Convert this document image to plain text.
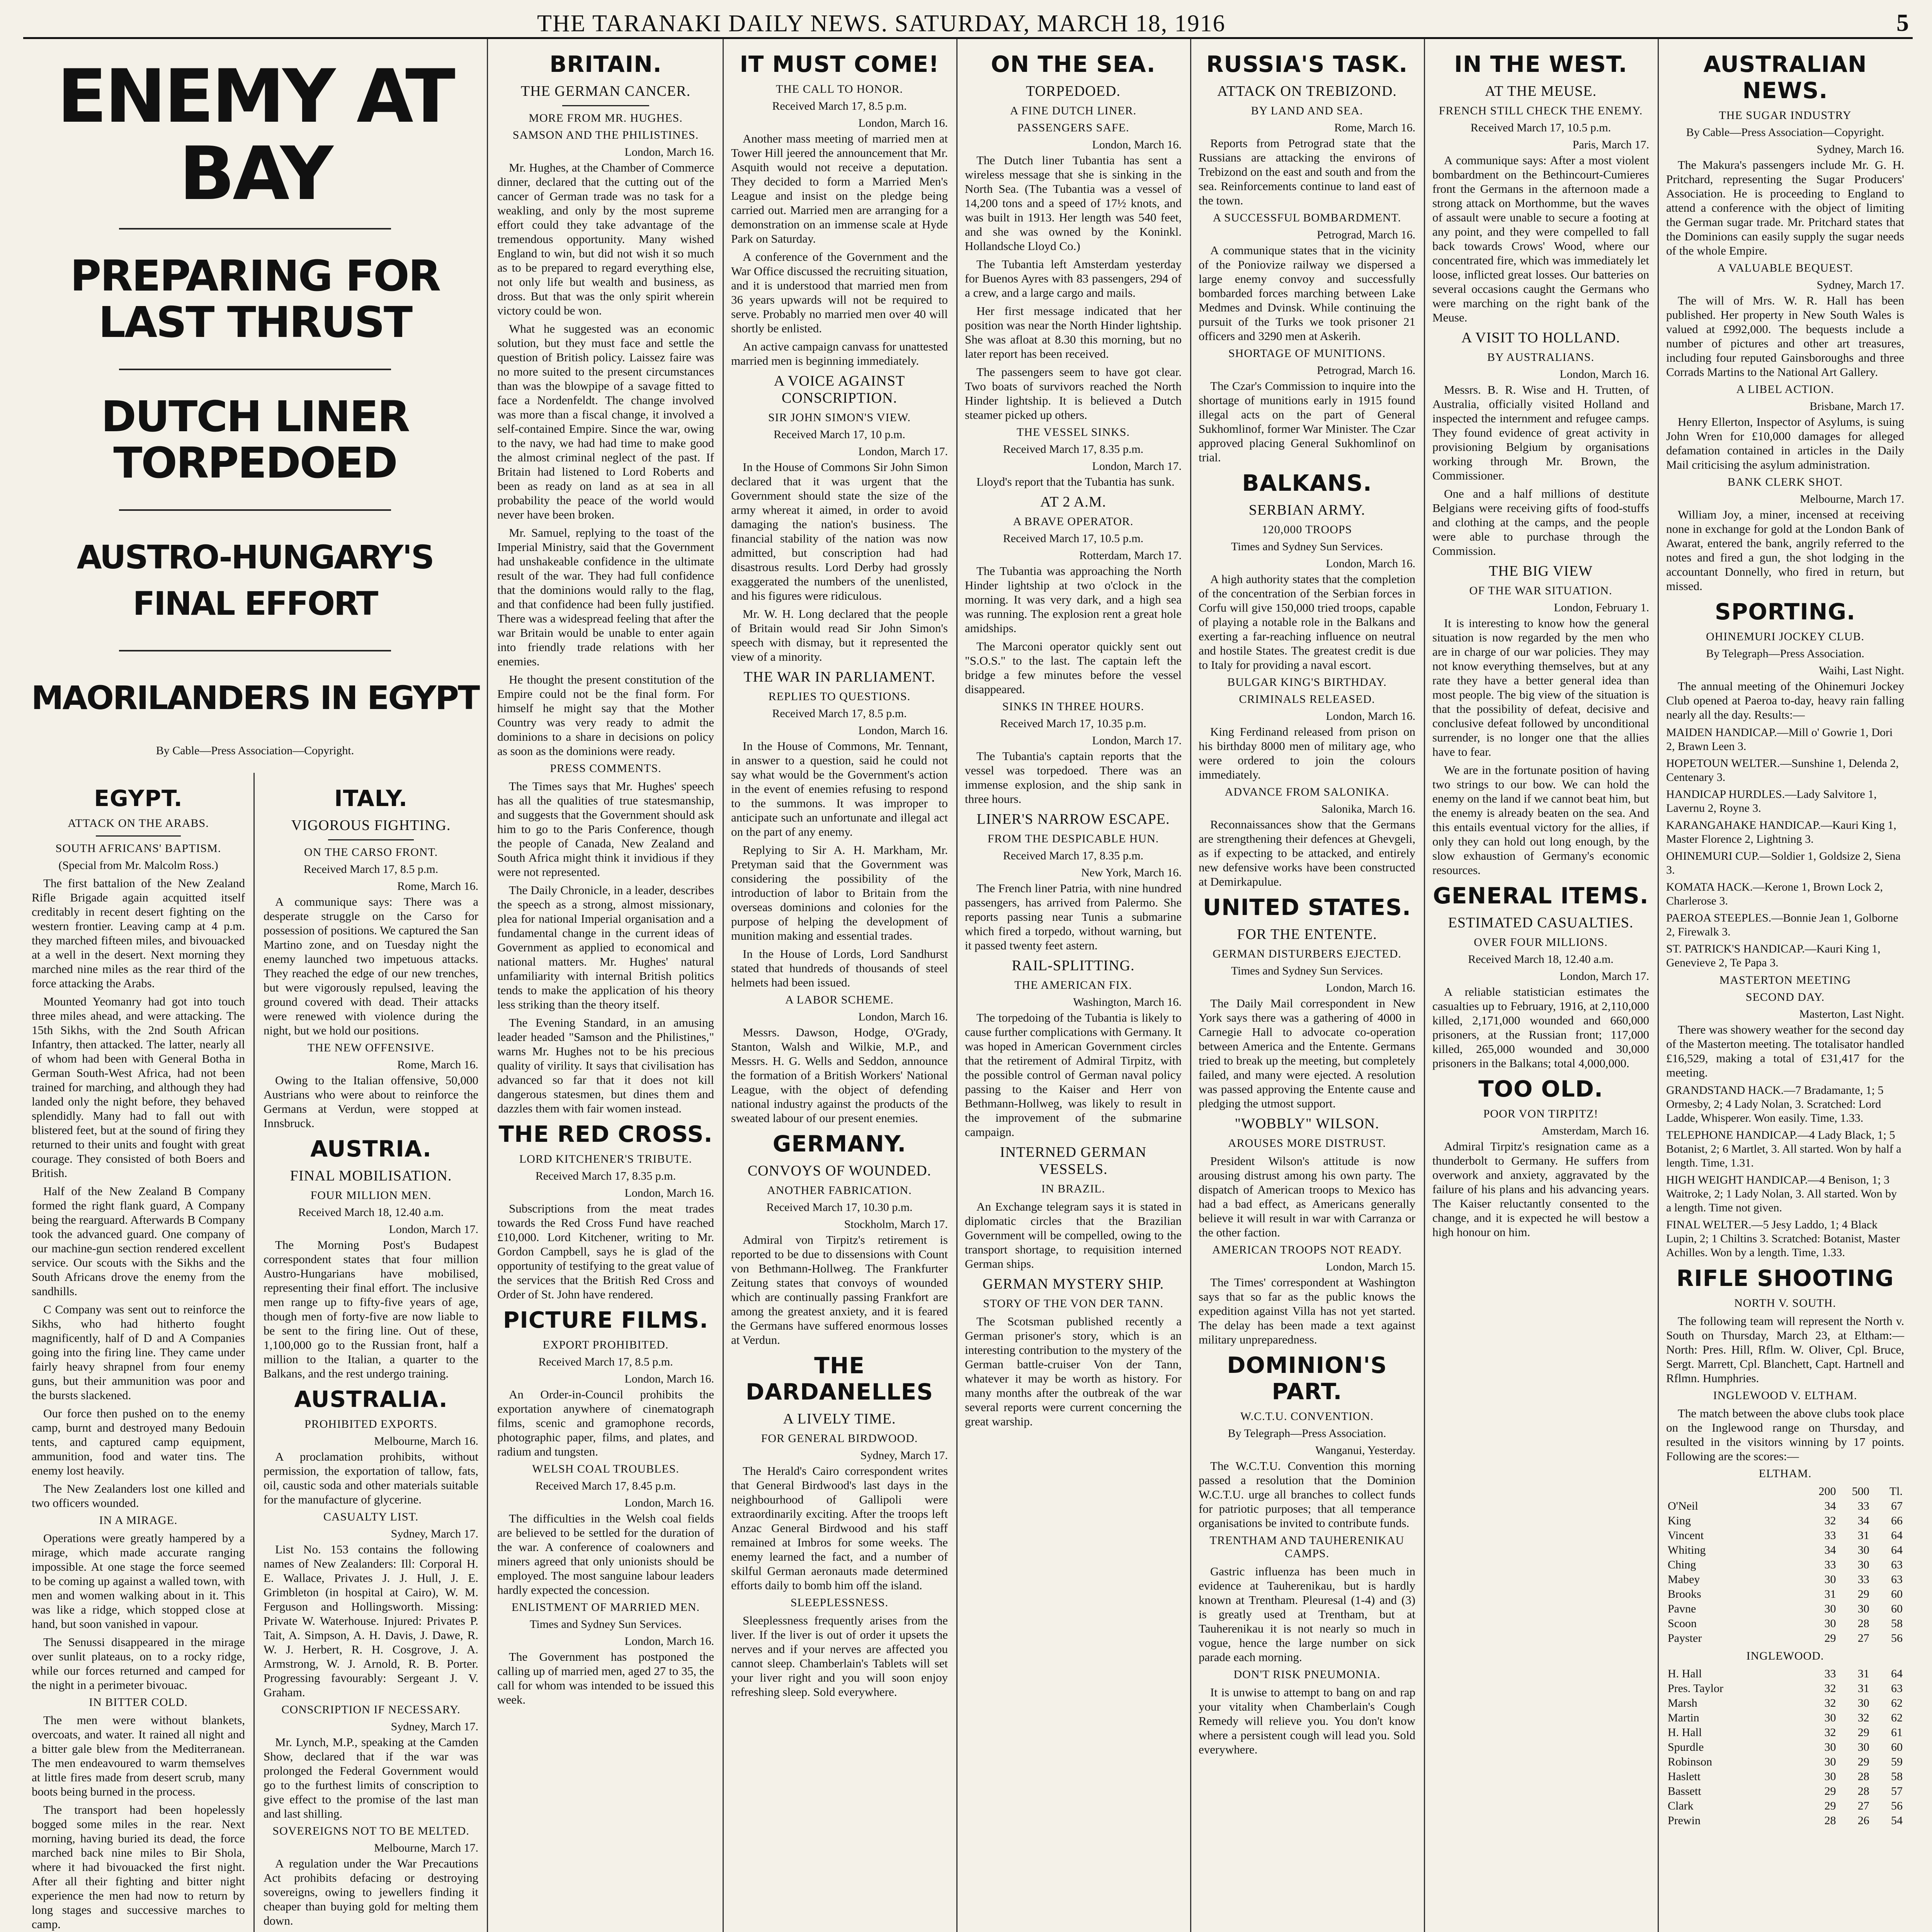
THE TARANAKI DAILY NEWS. SATURDAY, MARCH 18, 1916	5
ENEMY AT BAY
PREPARING FOR LAST THRUST
DUTCH LINER TORPEDOED
AUSTRO-HUNGARY'S FINAL EFFORT
MAORILANDERS IN EGYPT
By Cable—Press Association—Copyright.
EGYPT.
ATTACK ON THE ARABS.
SOUTH AFRICANS' BAPTISM.
(Special from Mr. Malcolm Ross.)

The first battalion of the New Zealand Rifle Brigade again acquitted itself creditably in recent desert fighting on the western frontier. Leaving camp at 4 p.m. they marched fifteen miles, and bivouacked at a well in the desert. Next morning they marched nine miles as the rear third of the force attacking the Arabs.

Mounted Yeomanry had got into touch three miles ahead, and were attacking. The 15th Sikhs, with the 2nd South African Infantry, then attacked. The latter, nearly all of whom had been with General Botha in German South-West Africa, had not been trained for marching, and although they had landed only the night before, they behaved splendidly. Many had to fall out with blistered feet, but at the sound of firing they returned to their units and fought with great courage. They consisted of both Boers and British.

Half of the New Zealand B Company formed the right flank guard, A Company being the rearguard. Afterwards B Company took the advanced guard. One company of our machine-gun section rendered excellent service. Our scouts with the Sikhs and the South Africans drove the enemy from the sandhills.

C Company was sent out to reinforce the Sikhs, who had hitherto fought magnificently, half of D and A Companies going into the firing line. They came under fairly heavy shrapnel from four enemy guns, but their ammunition was poor and the bursts slackened.

Our force then pushed on to the enemy camp, burnt and destroyed many Bedouin tents, and captured camp equipment, ammunition, food and water tins. The enemy lost heavily.

The New Zealanders lost one killed and two officers wounded.

IN A MIRAGE.

Operations were greatly hampered by a mirage, which made accurate ranging impossible. At one stage the force seemed to be coming up against a walled town, with men and women walking about in it. This was like a ridge, which stopped close at hand, but soon vanished in vapour.

The Senussi disappeared in the mirage over sunlit plateaus, on to a rocky ridge, while our forces returned and camped for the night in a perimeter bivouac.

IN BITTER COLD.

The men were without blankets, overcoats, and water. It rained all night and a bitter gale blew from the Mediterranean. The men endeavoured to warm themselves at little fires made from desert scrub, many boots being burned in the process.

The transport had been hopelessly bogged some miles in the rear. Next morning, having buried its dead, the force marched back nine miles to Bir Shola, where it had bivouacked the first night. After all their fighting and bitter night experience the men had now to return by long stages and successive marches to camp.

ITALY.
VIGOROUS FIGHTING.
ON THE CARSO FRONT.
Received March 17, 8.5 p.m.
Rome, March 16.

A communique says: There was a desperate struggle on the Carso for possession of positions. We captured the San Martino zone, and on Tuesday night the enemy launched two impetuous attacks. They reached the edge of our new trenches, but were vigorously repulsed, leaving the ground covered with dead. Their attacks were renewed with violence during the night, but we hold our positions.

THE NEW OFFENSIVE.
Rome, March 16.

Owing to the Italian offensive, 50,000 Austrians who were about to reinforce the Germans at Verdun, were stopped at Innsbruck.

AUSTRIA.
FINAL MOBILISATION.
FOUR MILLION MEN.
Received March 18, 12.40 a.m.
London, March 17.

The Morning Post's Budapest correspondent states that four million Austro-Hungarians have mobilised, representing their final effort. The inclusive men range up to fifty-five years of age, though men of forty-five are now liable to be sent to the firing line. Out of these, 1,100,000 go to the Russian front, half a million to the Italian, a quarter to the Balkans, and the rest undergo training.

AUSTRALIA.
PROHIBITED EXPORTS.
Melbourne, March 16.

A proclamation prohibits, without permission, the exportation of tallow, fats, oil, caustic soda and other materials suitable for the manufacture of glycerine.

CASUALTY LIST.
Sydney, March 17.

List No. 153 contains the following names of New Zealanders: Ill: Corporal H. E. Wallace, Privates J. J. Hull, J. E. Grimbleton (in hospital at Cairo), W. M. Ferguson and Hollingsworth. Missing: Private W. Waterhouse. Injured: Privates P. Tait, A. Simpson, A. H. Davis, J. Dawe, R. W. J. Herbert, R. H. Cosgrove, J. A. Armstrong, W. J. Arnold, R. B. Porter. Progressing favourably: Sergeant J. V. Graham.

CONSCRIPTION IF NECESSARY.
Sydney, March 17.

Mr. Lynch, M.P., speaking at the Camden Show, declared that if the war was prolonged the Federal Government would go to the furthest limits of conscription to give effect to the promise of the last man and last shilling.

SOVEREIGNS NOT TO BE MELTED.
Melbourne, March 17.

A regulation under the War Precautions Act prohibits defacing or destroying sovereigns, owing to jewellers finding it cheaper than buying gold for melting them down.

BRITAIN.
THE GERMAN CANCER.
MORE FROM MR. HUGHES.
SAMSON AND THE PHILISTINES.
London, March 16.

Mr. Hughes, at the Chamber of Commerce dinner, declared that the cutting out of the cancer of German trade was no task for a weakling, and only by the most supreme effort could they take advantage of the tremendous opportunity. Many wished England to win, but did not wish it so much as to be prepared to regard everything else, not only life but wealth and business, as dross. But that was the only spirit wherein victory could be won.

What he suggested was an economic solution, but they must face and settle the question of British policy. Laissez faire was no more suited to the present circumstances than was the blowpipe of a savage fitted to face a Nordenfeldt. The change involved was more than a fiscal change, it involved a self-contained Empire. Since the war, owing to the navy, we had had time to make good the almost criminal neglect of the past. If Britain had listened to Lord Roberts and been as ready on land as at sea in all probability the peace of the world would never have been broken.

Mr. Samuel, replying to the toast of the Imperial Ministry, said that the Government had unshakeable confidence in the ultimate result of the war. They had full confidence that the dominions would rally to the flag, and that confidence had been fully justified. There was a widespread feeling that after the war Britain would be unable to enter again into friendly trade relations with her enemies.

He thought the present constitution of the Empire could not be the final form. For himself he might say that the Mother Country was very ready to admit the dominions to a share in decisions on policy as soon as the dominions were ready.

PRESS COMMENTS.

The Times says that Mr. Hughes' speech has all the qualities of true statesmanship, and suggests that the Government should ask him to go to the Paris Conference, though the people of Canada, New Zealand and South Africa might think it invidious if they were not represented.

The Daily Chronicle, in a leader, describes the speech as a strong, almost missionary, plea for national Imperial organisation and a fundamental change in the current ideas of Government as applied to economical and national matters. Mr. Hughes' natural unfamiliarity with internal British politics tends to make the application of his theory less striking than the theory itself.

The Evening Standard, in an amusing leader headed "Samson and the Philistines," warns Mr. Hughes not to be his precious quality of virility. It says that civilisation has advanced so far that it does not kill dangerous statesmen, but dines them and dazzles them with fair women instead.

THE RED CROSS.
LORD KITCHENER'S TRIBUTE.
Received March 17, 8.35 p.m.
London, March 16.

Subscriptions from the meat trades towards the Red Cross Fund have reached £10,000. Lord Kitchener, writing to Mr. Gordon Campbell, says he is glad of the opportunity of testifying to the great value of the services that the British Red Cross and Order of St. John have rendered.

PICTURE FILMS.
EXPORT PROHIBITED.
Received March 17, 8.5 p.m.
London, March 16.

An Order-in-Council prohibits the exportation anywhere of cinematograph films, scenic and gramophone records, photographic paper, films, and plates, and radium and tungsten.

WELSH COAL TROUBLES.
Received March 17, 8.45 p.m.
London, March 16.

The difficulties in the Welsh coal fields are believed to be settled for the duration of the war. A conference of coalowners and miners agreed that only unionists should be employed. The most sanguine labour leaders hardly expected the concession.

ENLISTMENT OF MARRIED MEN.
Times and Sydney Sun Services.
London, March 16.

The Government has postponed the calling up of married men, aged 27 to 35, the call for whom was intended to be issued this week.

IT MUST COME!
THE CALL TO HONOR.
Received March 17, 8.5 p.m.
London, March 16.

Another mass meeting of married men at Tower Hill jeered the announcement that Mr. Asquith would not receive a deputation. They decided to form a Married Men's League and insist on the pledge being carried out. Married men are arranging for a demonstration on an immense scale at Hyde Park on Saturday.

A conference of the Government and the War Office discussed the recruiting situation, and it is understood that married men from 36 years upwards will not be required to serve. Probably no married men over 40 will shortly be enlisted.

An active campaign canvass for unattested married men is beginning immediately.

A VOICE AGAINST CONSCRIPTION.
SIR JOHN SIMON'S VIEW.
Received March 17, 10 p.m.
London, March 17.

In the House of Commons Sir John Simon declared that it was urgent that the Government should state the size of the army whereat it aimed, in order to avoid damaging the nation's business. The financial stability of the nation was now admitted, but conscription had had disastrous results. Lord Derby had grossly exaggerated the numbers of the unenlisted, and his figures were ridiculous.

Mr. W. H. Long declared that the people of Britain would read Sir John Simon's speech with dismay, but it represented the view of a minority.

THE WAR IN PARLIAMENT.
REPLIES TO QUESTIONS.
Received March 17, 8.5 p.m.
London, March 16.

In the House of Commons, Mr. Tennant, in answer to a question, said he could not say what would be the Government's action in the event of enemies refusing to respond to the summons. It was improper to anticipate such an unfortunate and illegal act on the part of any enemy.

Replying to Sir A. H. Markham, Mr. Pretyman said that the Government was considering the possibility of the introduction of labor to Britain from the overseas dominions and colonies for the purpose of helping the development of munition making and essential trades.

In the House of Lords, Lord Sandhurst stated that hundreds of thousands of steel helmets had been issued.

A LABOR SCHEME.
London, March 16.

Messrs. Dawson, Hodge, O'Grady, Stanton, Walsh and Wilkie, M.P., and Messrs. H. G. Wells and Seddon, announce the formation of a British Workers' National League, with the object of defending national industry against the products of the sweated labour of our present enemies.

GERMANY.
CONVOYS OF WOUNDED.
ANOTHER FABRICATION.
Received March 17, 10.30 p.m.
Stockholm, March 17.

Admiral von Tirpitz's retirement is reported to be due to dissensions with Count von Bethmann-Hollweg. The Frankfurter Zeitung states that convoys of wounded which are continually passing Frankfort are among the greatest anxiety, and it is feared the Germans have suffered enormous losses at Verdun.

THE DARDANELLES
A LIVELY TIME.
FOR GENERAL BIRDWOOD.
Sydney, March 17.

The Herald's Cairo correspondent writes that General Birdwood's last days in the neighbourhood of Gallipoli were extraordinarily exciting. After the troops left Anzac General Birdwood and his staff remained at Imbros for some weeks. The enemy learned the fact, and a number of skilful German aeronauts made determined efforts daily to bomb him off the island.

SLEEPLESSNESS.

Sleeplessness frequently arises from the liver. If the liver is out of order it upsets the nerves and if your nerves are affected you cannot sleep. Chamberlain's Tablets will set your liver right and you will soon enjoy refreshing sleep. Sold everywhere.

ON THE SEA.
TORPEDOED.
A FINE DUTCH LINER.
PASSENGERS SAFE.
London, March 16.

The Dutch liner Tubantia has sent a wireless message that she is sinking in the North Sea. (The Tubantia was a vessel of 14,200 tons and a speed of 17½ knots, and was built in 1913. Her length was 540 feet, and she was owned by the Koninkl. Hollandsche Lloyd Co.)

The Tubantia left Amsterdam yesterday for Buenos Ayres with 83 passengers, 294 of a crew, and a large cargo and mails.

Her first message indicated that her position was near the North Hinder lightship. She was afloat at 8.30 this morning, but no later report has been received.

The passengers seem to have got clear. Two boats of survivors reached the North Hinder lightship. It is believed a Dutch steamer picked up others.

THE VESSEL SINKS.
Received March 17, 8.35 p.m.
London, March 17.

Lloyd's report that the Tubantia has sunk.

AT 2 A.M.
A BRAVE OPERATOR.
Received March 17, 10.5 p.m.
Rotterdam, March 17.

The Tubantia was approaching the North Hinder lightship at two o'clock in the morning. It was very dark, and a high sea was running. The explosion rent a great hole amidships.

The Marconi operator quickly sent out "S.O.S." to the last. The captain left the bridge a few minutes before the vessel disappeared.

SINKS IN THREE HOURS.
Received March 17, 10.35 p.m.
London, March 17.

The Tubantia's captain reports that the vessel was torpedoed. There was an immense explosion, and the ship sank in three hours.

LINER'S NARROW ESCAPE.
FROM THE DESPICABLE HUN.
Received March 17, 8.35 p.m.
New York, March 16.

The French liner Patria, with nine hundred passengers, has arrived from Palermo. She reports passing near Tunis a submarine which fired a torpedo, without warning, but it passed twenty feet astern.

RAIL-SPLITTING.
THE AMERICAN FIX.
Washington, March 16.

The torpedoing of the Tubantia is likely to cause further complications with Germany. It was hoped in American Government circles that the retirement of Admiral Tirpitz, with the possible control of German naval policy passing to the Kaiser and Herr von Bethmann-Hollweg, was likely to result in the improvement of the submarine campaign.

INTERNED GERMAN VESSELS.
IN BRAZIL.

An Exchange telegram says it is stated in diplomatic circles that the Brazilian Government will be compelled, owing to the transport shortage, to requisition interned German ships.

GERMAN MYSTERY SHIP.
STORY OF THE VON DER TANN.

The Scotsman published recently a German prisoner's story, which is an interesting contribution to the mystery of the German battle-cruiser Von der Tann, whatever it may be worth as history. For many months after the outbreak of the war several reports were current concerning the great warship.

RUSSIA'S TASK.
ATTACK ON TREBIZOND.
BY LAND AND SEA.
Rome, March 16.

Reports from Petrograd state that the Russians are attacking the environs of Trebizond on the east and south and from the sea. Reinforcements continue to land east of the town.

A SUCCESSFUL BOMBARDMENT.
Petrograd, March 16.

A communique states that in the vicinity of the Poniovize railway we dispersed a large enemy convoy and successfully bombarded forces marching between Lake Medmes and Dvinsk. While continuing the pursuit of the Turks we took prisoner 21 officers and 3290 men at Askerih.

SHORTAGE OF MUNITIONS.
Petrograd, March 16.

The Czar's Commission to inquire into the shortage of munitions early in 1915 found illegal acts on the part of General Sukhomlinof, former War Minister. The Czar approved placing General Sukhomlinof on trial.

BALKANS.
SERBIAN ARMY.
120,000 TROOPS
Times and Sydney Sun Services.
London, March 16.

A high authority states that the completion of the concentration of the Serbian forces in Corfu will give 150,000 tried troops, capable of playing a notable role in the Balkans and exerting a far-reaching influence on neutral and hostile States. The greatest credit is due to Italy for providing a naval escort.

BULGAR KING'S BIRTHDAY.
CRIMINALS RELEASED.
London, March 16.

King Ferdinand released from prison on his birthday 8000 men of military age, who were ordered to join the colours immediately.

ADVANCE FROM SALONIKA.
Salonika, March 16.

Reconnaissances show that the Germans are strengthening their defences at Ghevgeli, as if expecting to be attacked, and entirely new defensive works have been constructed at Demirkapulue.

UNITED STATES.
FOR THE ENTENTE.
GERMAN DISTURBERS EJECTED.
Times and Sydney Sun Services.
London, March 16.

The Daily Mail correspondent in New York says there was a gathering of 4000 in Carnegie Hall to advocate co-operation between America and the Entente. Germans tried to break up the meeting, but completely failed, and many were ejected. A resolution was passed approving the Entente cause and pledging the utmost support.

"WOBBLY" WILSON.
AROUSES MORE DISTRUST.

President Wilson's attitude is now arousing distrust among his own party. The dispatch of American troops to Mexico has had a bad effect, as Americans generally believe it will result in war with Carranza or the other faction.

AMERICAN TROOPS NOT READY.
London, March 15.

The Times' correspondent at Washington says that so far as the public knows the expedition against Villa has not yet started. The delay has been made a text against military unpreparedness.

DOMINION'S PART.
W.C.T.U. CONVENTION.
By Telegraph—Press Association.
Wanganui, Yesterday.

The W.C.T.U. Convention this morning passed a resolution that the Dominion W.C.T.U. urge all branches to collect funds for patriotic purposes; that all temperance organisations be invited to contribute funds.

TRENTHAM AND TAUHERENIKAU CAMPS.

Gastric influenza has been much in evidence at Tauherenikau, but is hardly known at Trentham. Pleuresal (1-4) and (3) is greatly used at Trentham, but at Tauherenikau it is not nearly so much in vogue, hence the large number on sick parade each morning.

DON'T RISK PNEUMONIA.

It is unwise to attempt to bang on and rap your vitality when Chamberlain's Cough Remedy will relieve you. You don't know where a persistent cough will lead you. Sold everywhere.

IN THE WEST.
AT THE MEUSE.
FRENCH STILL CHECK THE ENEMY.
Received March 17, 10.5 p.m.
Paris, March 17.

A communique says: After a most violent bombardment on the Bethincourt-Cumieres front the Germans in the afternoon made a strong attack on Morthomme, but the waves of assault were unable to secure a footing at any point, and they were compelled to fall back towards Crows' Wood, where our concentrated fire, which was immediately let loose, inflicted great losses. Our batteries on several occasions caught the Germans who were marching on the right bank of the Meuse.

A VISIT TO HOLLAND.
BY AUSTRALIANS.
London, March 16.

Messrs. B. R. Wise and H. Trutten, of Australia, officially visited Holland and inspected the internment and refugee camps. They found evidence of great activity in provisioning Belgium by organisations working through Mr. Brown, the Commissioner.

One and a half millions of destitute Belgians were receiving gifts of food-stuffs and clothing at the camps, and the people were able to purchase through the Commission.

THE BIG VIEW
OF THE WAR SITUATION.
London, February 1.

It is interesting to know how the general situation is now regarded by the men who are in charge of our war policies. They may not know everything themselves, but at any rate they have a better general idea than most people. The big view of the situation is that the possibility of defeat, decisive and conclusive defeat followed by unconditional surrender, is no longer one that the allies have to fear.

We are in the fortunate position of having two strings to our bow. We can hold the enemy on the land if we cannot beat him, but the enemy is already beaten on the sea. And this entails eventual victory for the allies, if only they can hold out long enough, by the slow exhaustion of Germany's economic resources.

GENERAL ITEMS.
ESTIMATED CASUALTIES.
OVER FOUR MILLIONS.
Received March 18, 12.40 a.m.
London, March 17.

A reliable statistician estimates the casualties up to February, 1916, at 2,110,000 killed, 2,171,000 wounded and 660,000 prisoners, at the Russian front; 117,000 killed, 265,000 wounded and 30,000 prisoners in the Balkans; total 4,000,000.

TOO OLD.
POOR VON TIRPITZ!
Amsterdam, March 16.

Admiral Tirpitz's resignation came as a thunderbolt to Germany. He suffers from overwork and anxiety, aggravated by the failure of his plans and his advancing years. The Kaiser reluctantly consented to the change, and it is expected he will bestow a high honour on him.

AUSTRALIAN NEWS.
THE SUGAR INDUSTRY
By Cable—Press Association—Copyright.
Sydney, March 16.

The Makura's passengers include Mr. G. H. Pritchard, representing the Sugar Producers' Association. He is proceeding to England to attend a conference with the object of limiting the German sugar trade. Mr. Pritchard states that the Dominions can easily supply the sugar needs of the whole Empire.

A VALUABLE BEQUEST.
Sydney, March 17.

The will of Mrs. W. R. Hall has been published. Her property in New South Wales is valued at £992,000. The bequests include a number of pictures and other art treasures, including four reputed Gainsboroughs and three Corrads Martins to the National Art Gallery.

A LIBEL ACTION.
Brisbane, March 17.

Henry Ellerton, Inspector of Asylums, is suing John Wren for £10,000 damages for alleged defamation contained in articles in the Daily Mail criticising the asylum administration.

BANK CLERK SHOT.
Melbourne, March 17.

William Joy, a miner, incensed at receiving none in exchange for gold at the London Bank of Awarat, entered the bank, angrily referred to the notes and fired a gun, the shot lodging in the accountant Donnelly, who fired in return, but missed.

SPORTING.
OHINEMURI JOCKEY CLUB.
By Telegraph—Press Association.
Waihi, Last Night.

The annual meeting of the Ohinemuri Jockey Club opened at Paeroa to-day, heavy rain falling nearly all the day. Results:—

MAIDEN HANDICAP.—Mill o' Gowrie 1, Dori 2, Brawn Leen 3.
HOPETOUN WELTER.—Sunshine 1, Delenda 2, Centenary 3.
HANDICAP HURDLES.—Lady Salvitore 1, Lavernu 2, Royne 3.
KARANGAHAKE HANDICAP.—Kauri King 1, Master Florence 2, Lightning 3.
OHINEMURI CUP.—Soldier 1, Goldsize 2, Siena 3.
KOMATA HACK.—Kerone 1, Brown Lock 2, Charlerose 3.
PAEROA STEEPLES.—Bonnie Jean 1, Golborne 2, Firewalk 3.
ST. PATRICK'S HANDICAP.—Kauri King 1, Genevieve 2, Te Papa 3.
MASTERTON MEETING
SECOND DAY.
Masterton, Last Night.

There was showery weather for the second day of the Masterton meeting. The totalisator handled £16,529, making a total of £31,417 for the meeting.

GRANDSTAND HACK.—7 Bradamante, 1; 5 Ormesby, 2; 4 Lady Nolan, 3. Scratched: Lord Ladde, Whisperer. Won easily. Time, 1.33.
TELEPHONE HANDICAP.—4 Lady Black, 1; 5 Botanist, 2; 6 Martlet, 3. All started. Won by half a length. Time, 1.31.
HIGH WEIGHT HANDICAP.—4 Benison, 1; 3 Waitroke, 2; 1 Lady Nolan, 3. All started. Won by a length. Time not given.
FINAL WELTER.—5 Jesy Laddo, 1; 4 Black Lupin, 2; 1 Chiltins 3. Scratched: Botanist, Master Achilles. Won by a length. Time, 1.33.
RIFLE SHOOTING
NORTH V. SOUTH.

The following team will represent the North v. South on Thursday, March 23, at Eltham:—North: Pres. Hill, Rflm. W. Oliver, Cpl. Bruce, Sergt. Marrett, Cpl. Blanchett, Capt. Hartnell and Rflmn. Humphries.

INGLEWOOD V. ELTHAM.

The match between the above clubs took place on the Inglewood range on Thursday, and resulted in the visitors winning by 17 points. Following are the scores:—

ELTHAM.
	200	500	Tl.
O'Neil	34	33	67
King	32	34	66
Vincent	33	31	64
Whiting	34	30	64
Ching	33	30	63
Mabey	30	33	63
Brooks	31	29	60
Pavne	30	30	60
Scoon	30	28	58
Payster	29	27	56
INGLEWOOD.
H. Hall	33	31	64
Pres. Taylor	32	31	63
Marsh	32	30	62
Martin	30	32	62
H. Hall	32	29	61
Spurdle	30	30	60
Robinson	30	29	59
Haslett	30	28	58
Bassett	29	28	57
Clark	29	27	56
Prewin	28	26	54
